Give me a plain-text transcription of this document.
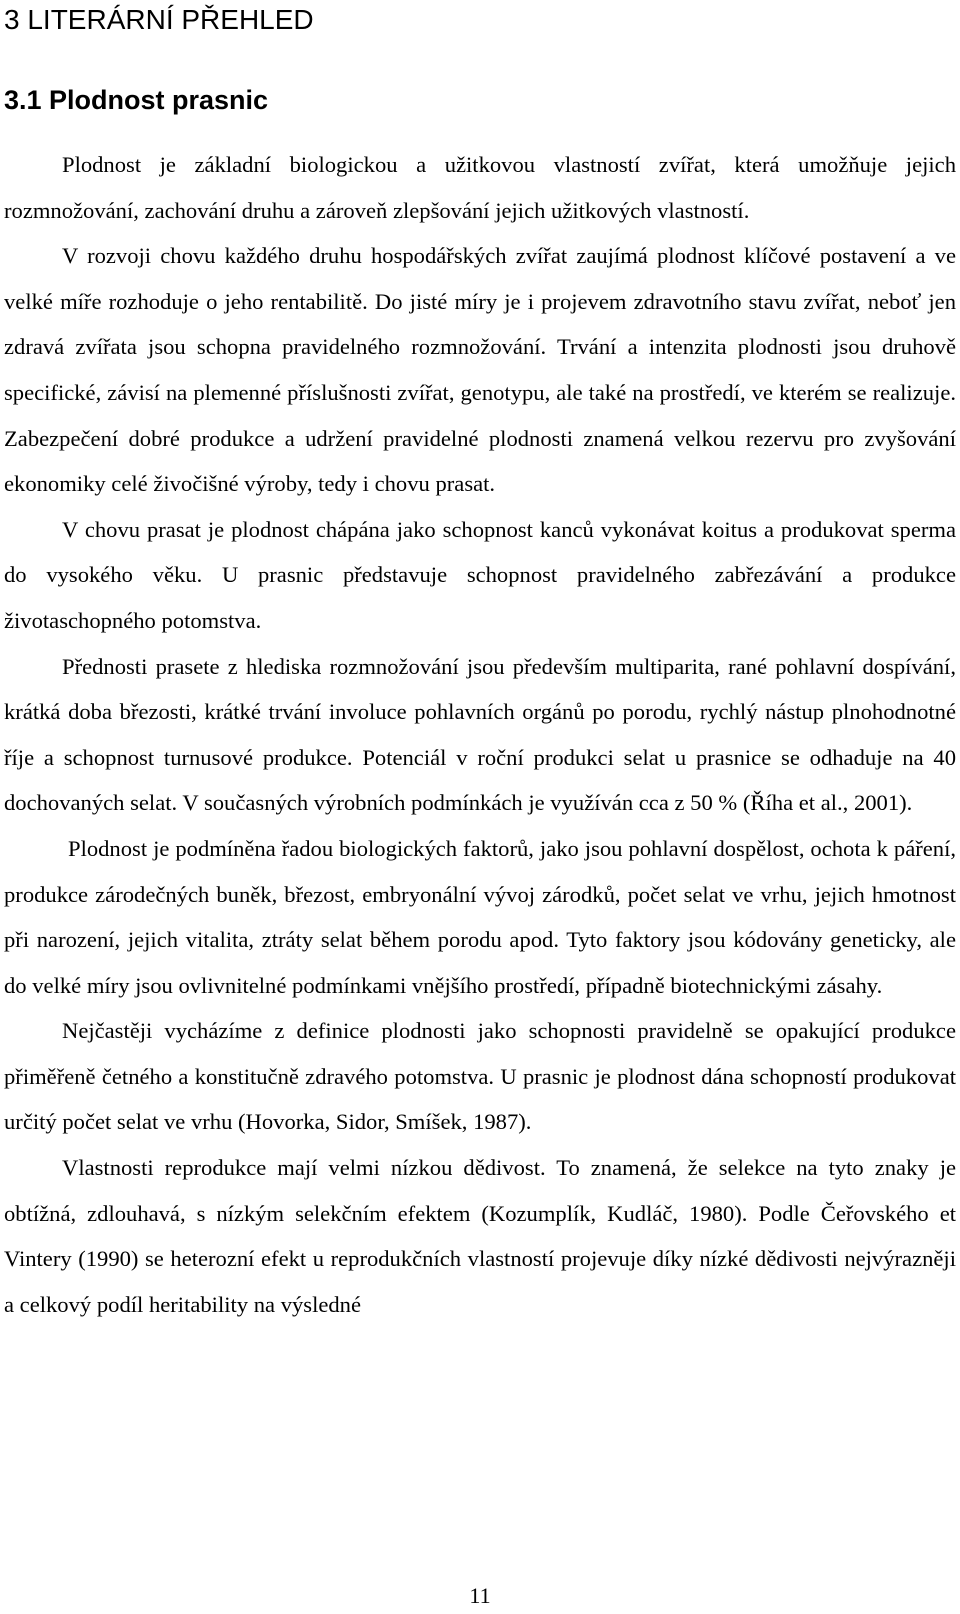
3 LITERÁRNÍ PŘEHLED
3.1 Plodnost prasnic

Plodnost je základní biologickou a užitkovou vlastností zvířat, která umožňuje jejich rozmnožování, zachování druhu a zároveň zlepšování jejich užitkových vlastností.

V rozvoji chovu každého druhu hospodářských zvířat zaujímá plodnost klíčové postavení a ve velké míře rozhoduje o jeho rentabilitě. Do jisté míry je i projevem zdravotního stavu zvířat, neboť jen zdravá zvířata jsou schopna pravidelného rozmnožování. Trvání a intenzita plodnosti jsou druhově specifické, závisí na plemenné příslušnosti zvířat, genotypu, ale také na prostředí, ve kterém se realizuje. Zabezpečení dobré produkce a udržení pravidelné plodnosti znamená velkou rezervu pro zvyšování ekonomiky celé živočišné výroby, tedy i chovu prasat.

V chovu prasat je plodnost chápána jako schopnost kanců vykonávat koitus a produkovat sperma do vysokého věku. U prasnic představuje schopnost pravidelného zabřezávání a produkce životaschopného potomstva.

Přednosti prasete z hlediska rozmnožování jsou především multiparita, rané pohlavní dospívání, krátká doba březosti, krátké trvání involuce pohlavních orgánů po porodu, rychlý nástup plnohodnotné říje a schopnost turnusové produkce. Potenciál v roční produkci selat u prasnice se odhaduje na 40 dochovaných selat. V současných výrobních podmínkách je využíván cca z 50 % (Říha et al., 2001).

Plodnost je podmíněna řadou biologických faktorů, jako jsou pohlavní dospělost, ochota k páření, produkce zárodečných buněk, březost, embryonální vývoj zárodků, počet selat ve vrhu, jejich hmotnost při narození, jejich vitalita, ztráty selat během porodu apod. Tyto faktory jsou kódovány geneticky, ale do velké míry jsou ovlivnitelné podmínkami vnějšího prostředí, případně biotechnickými zásahy.

Nejčastěji vycházíme z definice plodnosti jako schopnosti pravidelně se opakující produkce přiměřeně četného a konstitučně zdravého potomstva. U prasnic je plodnost dána schopností produkovat určitý počet selat ve vrhu (Hovorka, Sidor, Smíšek, 1987).

Vlastnosti reprodukce mají velmi nízkou dědivost. To znamená, že selekce na tyto znaky je obtížná, zdlouhavá, s nízkým selekčním efektem (Kozumplík, Kudláč, 1980). Podle Čeřovského et Vintery (1990) se heterozní efekt u reprodukčních vlastností projevuje díky nízké dědivosti nejvýrazněji a celkový podíl heritability na výsledné

11
